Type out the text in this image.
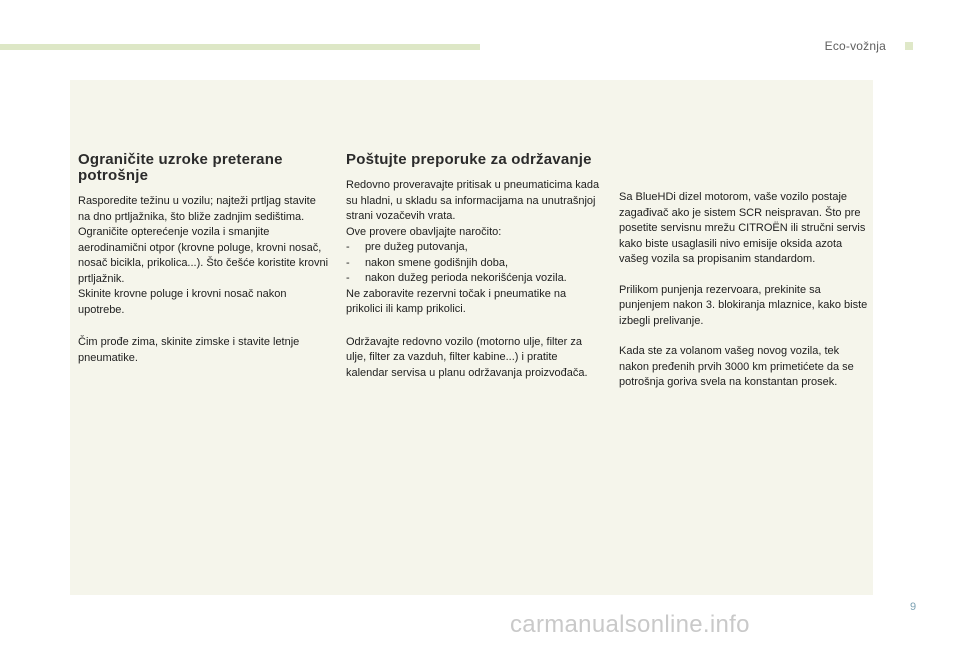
Eco-vožnja
Ograničite uzroke preterane potrošnje

Rasporedite težinu u vozilu; najteži prtljag stavite na dno prtljažnika, što bliže zadnjim sedištima.

Ograničite opterećenje vozila i smanjite aerodinamični otpor (krovne poluge, krovni nosač, nosač bicikla, prikolica...). Što češće koristite krovni prtljažnik.

Skinite krovne poluge i krovni nosač nakon upotrebe.

Čim prođe zima, skinite zimske i stavite letnje pneumatike.

Poštujte preporuke za održavanje

Redovno proveravajte pritisak u pneumaticima kada su hladni, u skladu sa informacijama na unutrašnjoj strani vozačevih vrata.

Ove provere obavljajte naročito:

-     pre dužeg putovanja,

-     nakon smene godišnjih doba,

-     nakon dužeg perioda nekorišćenja vozila.

Ne zaboravite rezervni točak i pneumatike na prikolici ili kamp prikolici.

Održavajte redovno vozilo (motorno ulje, filter za ulje, filter za vazduh, filter kabine...) i pratite kalendar servisa u planu održavanja proizvođača.

Sa BlueHDi dizel motorom, vaše vozilo postaje zagađivač ako je sistem SCR neispravan. Što pre posetite servisnu mrežu CITROËN ili stručni servis kako biste usaglasili nivo emisije oksida azota vašeg vozila sa propisanim standardom.

Prilikom punjenja rezervoara, prekinite sa punjenjem nakon 3. blokiranja mlaznice, kako biste izbegli prelivanje.

Kada ste za volanom vašeg novog vozila, tek nakon pređenih prvih 3000 km primetićete da se potrošnja goriva svela na konstantan prosek.

9
carmanualsonline.info
